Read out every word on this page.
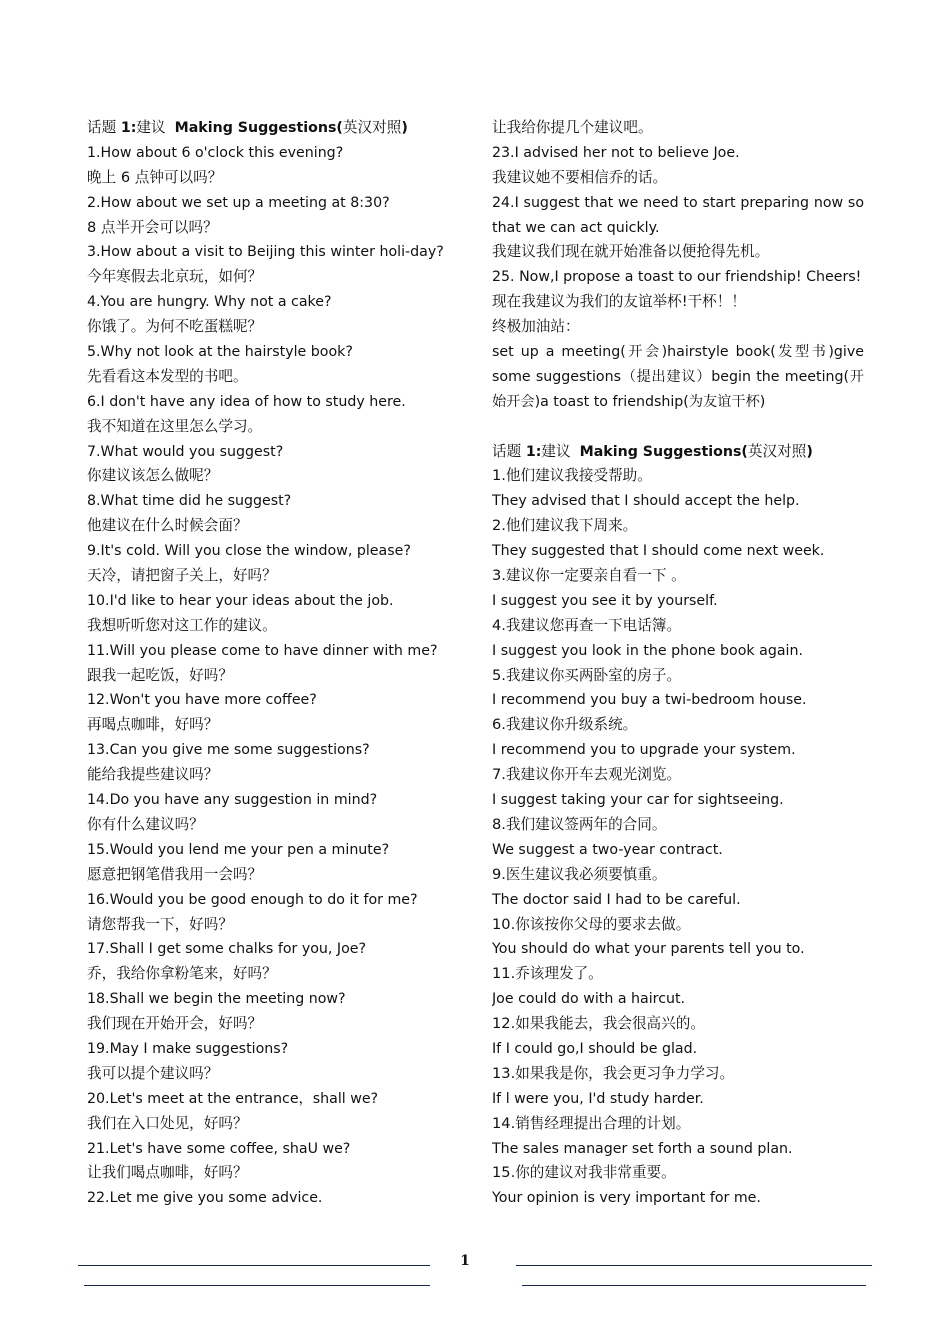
话题 1:建议 Making Suggestions(英汉对照)
1.How about 6 o'clock this evening?
晚上 6 点钟可以吗？
2.How about we set up a meeting at 8:30?
8 点半开会可以吗？
3.How about a visit to Beijing this winter holi-day?
今年寒假去北京玩，如何？
4.You are hungry. Why not a cake?
你饿了。为何不吃蛋糕呢？
5.Why not look at the hairstyle book?
先看看这本发型的书吧。
6.I don't have any idea of how to study here.
我不知道在这里怎么学习。
7.What would you suggest?
你建议该怎么做呢？
8.What time did he suggest?
他建议在什么时候会面？
9.It's cold. Will you close the window, please?
天冷，请把窗子关上，好吗？
10.I'd like to hear your ideas about the job.
我想听听您对这工作的建议。
11.Will you please come to have dinner with me?
跟我一起吃饭，好吗？
12.Won't you have more coffee?
再喝点咖啡，好吗？
13.Can you give me some suggestions?
能给我提些建议吗？
14.Do you have any suggestion in mind?
你有什么建议吗？
15.Would you lend me your pen a minute?
愿意把钢笔借我用一会吗？
16.Would you be good enough to do it for me?
请您帮我一下，好吗？
17.Shall I get some chalks for you, Joe?
乔，我给你拿粉笔来，好吗？
18.Shall we begin the meeting now?
我们现在开始开会，好吗？
19.May I make suggestions?
我可以提个建议吗？
20.Let's meet at the entrance，shall we?
我们在入口处见，好吗？
21.Let's have some coffee, shaU we?
让我们喝点咖啡，好吗？
22.Let me give you some advice.
让我给你提几个建议吧。
23.I advised her not to believe Joe.
我建议她不要相信乔的话。
24.I suggest that we need to start preparing now so
that we can act quickly.
我建议我们现在就开始准备以便抢得先机。
25. Now,I propose a toast to our friendship! Cheers!
现在我建议为我们的友谊举杯!干杯！！
终极加油站：
set up a meeting(开会)hairstyle book(发型书)give
some suggestions（提出建议）begin the meeting(开
始开会)a toast to friendship(为友谊干杯)
话题 1:建议 Making Suggestions(英汉对照)
1.他们建议我接受帮助。
They advised that I should accept the help.
2.他们建议我下周来。
They suggested that I should come next week.
3.建议你一定要亲自看一下 。
I suggest you see it by yourself.
4.我建议您再查一下电话簿。
I suggest you look in the phone book again.
5.我建议你买两卧室的房子。
I recommend you buy a twi-bedroom house.
6.我建议你升级系统。
I recommend you to upgrade your system.
7.我建议你开车去观光浏览。
I suggest taking your car for sightseeing.
8.我们建议签两年的合同。
We suggest a two-year contract.
9.医生建议我必须要慎重。
The doctor said I had to be careful.
10.你该按你父母的要求去做。
You should do what your parents tell you to.
11.乔该理发了。
Joe could do with a haircut.
12.如果我能去，我会很高兴的。
If I could go,I should be glad.
13.如果我是你，我会更习争力学习。
If l were you, I'd study harder.
14.销售经理提出合理的计划。
The sales manager set forth a sound plan.
15.你的建议对我非常重要。
Your opinion is very important for me.
1
